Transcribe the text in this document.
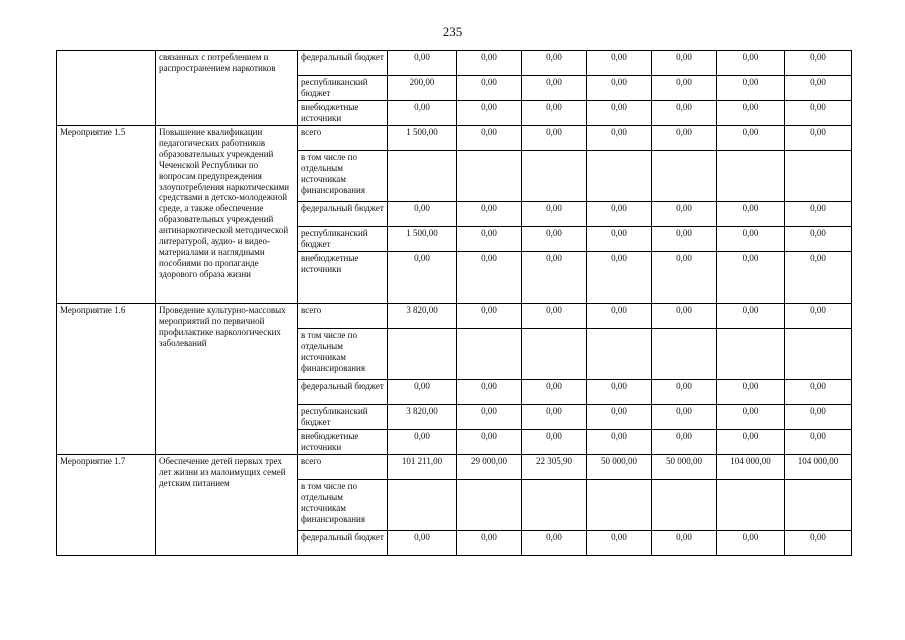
235
	связанных с потреблением и распространением наркотиков	федеральный бюджет	0,00	0,00	0,00	0,00	0,00	0,00	0,00
		республиканский бюджет	200,00	0,00	0,00	0,00	0,00	0,00	0,00
		внебюджетные источники	0,00	0,00	0,00	0,00	0,00	0,00	0,00
Мероприятие 1.5	Повышение квалификации педагогических работников образовательных учреждений Чеченской Республики по вопросам предупреждения злоупотребления наркотическими средствами в детско-молодежной среде, а также обеспечение образовательных учреждений антинаркотической методической литературой, аудио- и видео-материалами и наглядными пособиями по пропаганде здорового образа жизни	всего	1 500,00	0,00	0,00	0,00	0,00	0,00	0,00
		в том числе по отдельным источникам финансирования							
		федеральный бюджет	0,00	0,00	0,00	0,00	0,00	0,00	0,00
		республиканский бюджет	1 500,00	0,00	0,00	0,00	0,00	0,00	0,00
		внебюджетные источники	0,00	0,00	0,00	0,00	0,00	0,00	0,00
Мероприятие 1.6	Проведение культурно-массовых мероприятий по первичной профилактике наркологических заболеваний	всего	3 820,00	0,00	0,00	0,00	0,00	0,00	0,00
		в том числе по отдельным источникам финансирования							
		федеральный бюджет	0,00	0,00	0,00	0,00	0,00	0,00	0,00
		республиканский бюджет	3 820,00	0,00	0,00	0,00	0,00	0,00	0,00
		внебюджетные источники	0,00	0,00	0,00	0,00	0,00	0,00	0,00
Мероприятие 1.7	Обеспечение детей первых трех лет жизни из малоимущих семей детским питанием	всего	101 211,00	29 000,00	22 305,90	50 000,00	50 000,00	104 000,00	104 000,00
		в том числе по отдельным источникам финансирования							
		федеральный бюджет	0,00	0,00	0,00	0,00	0,00	0,00	0,00
